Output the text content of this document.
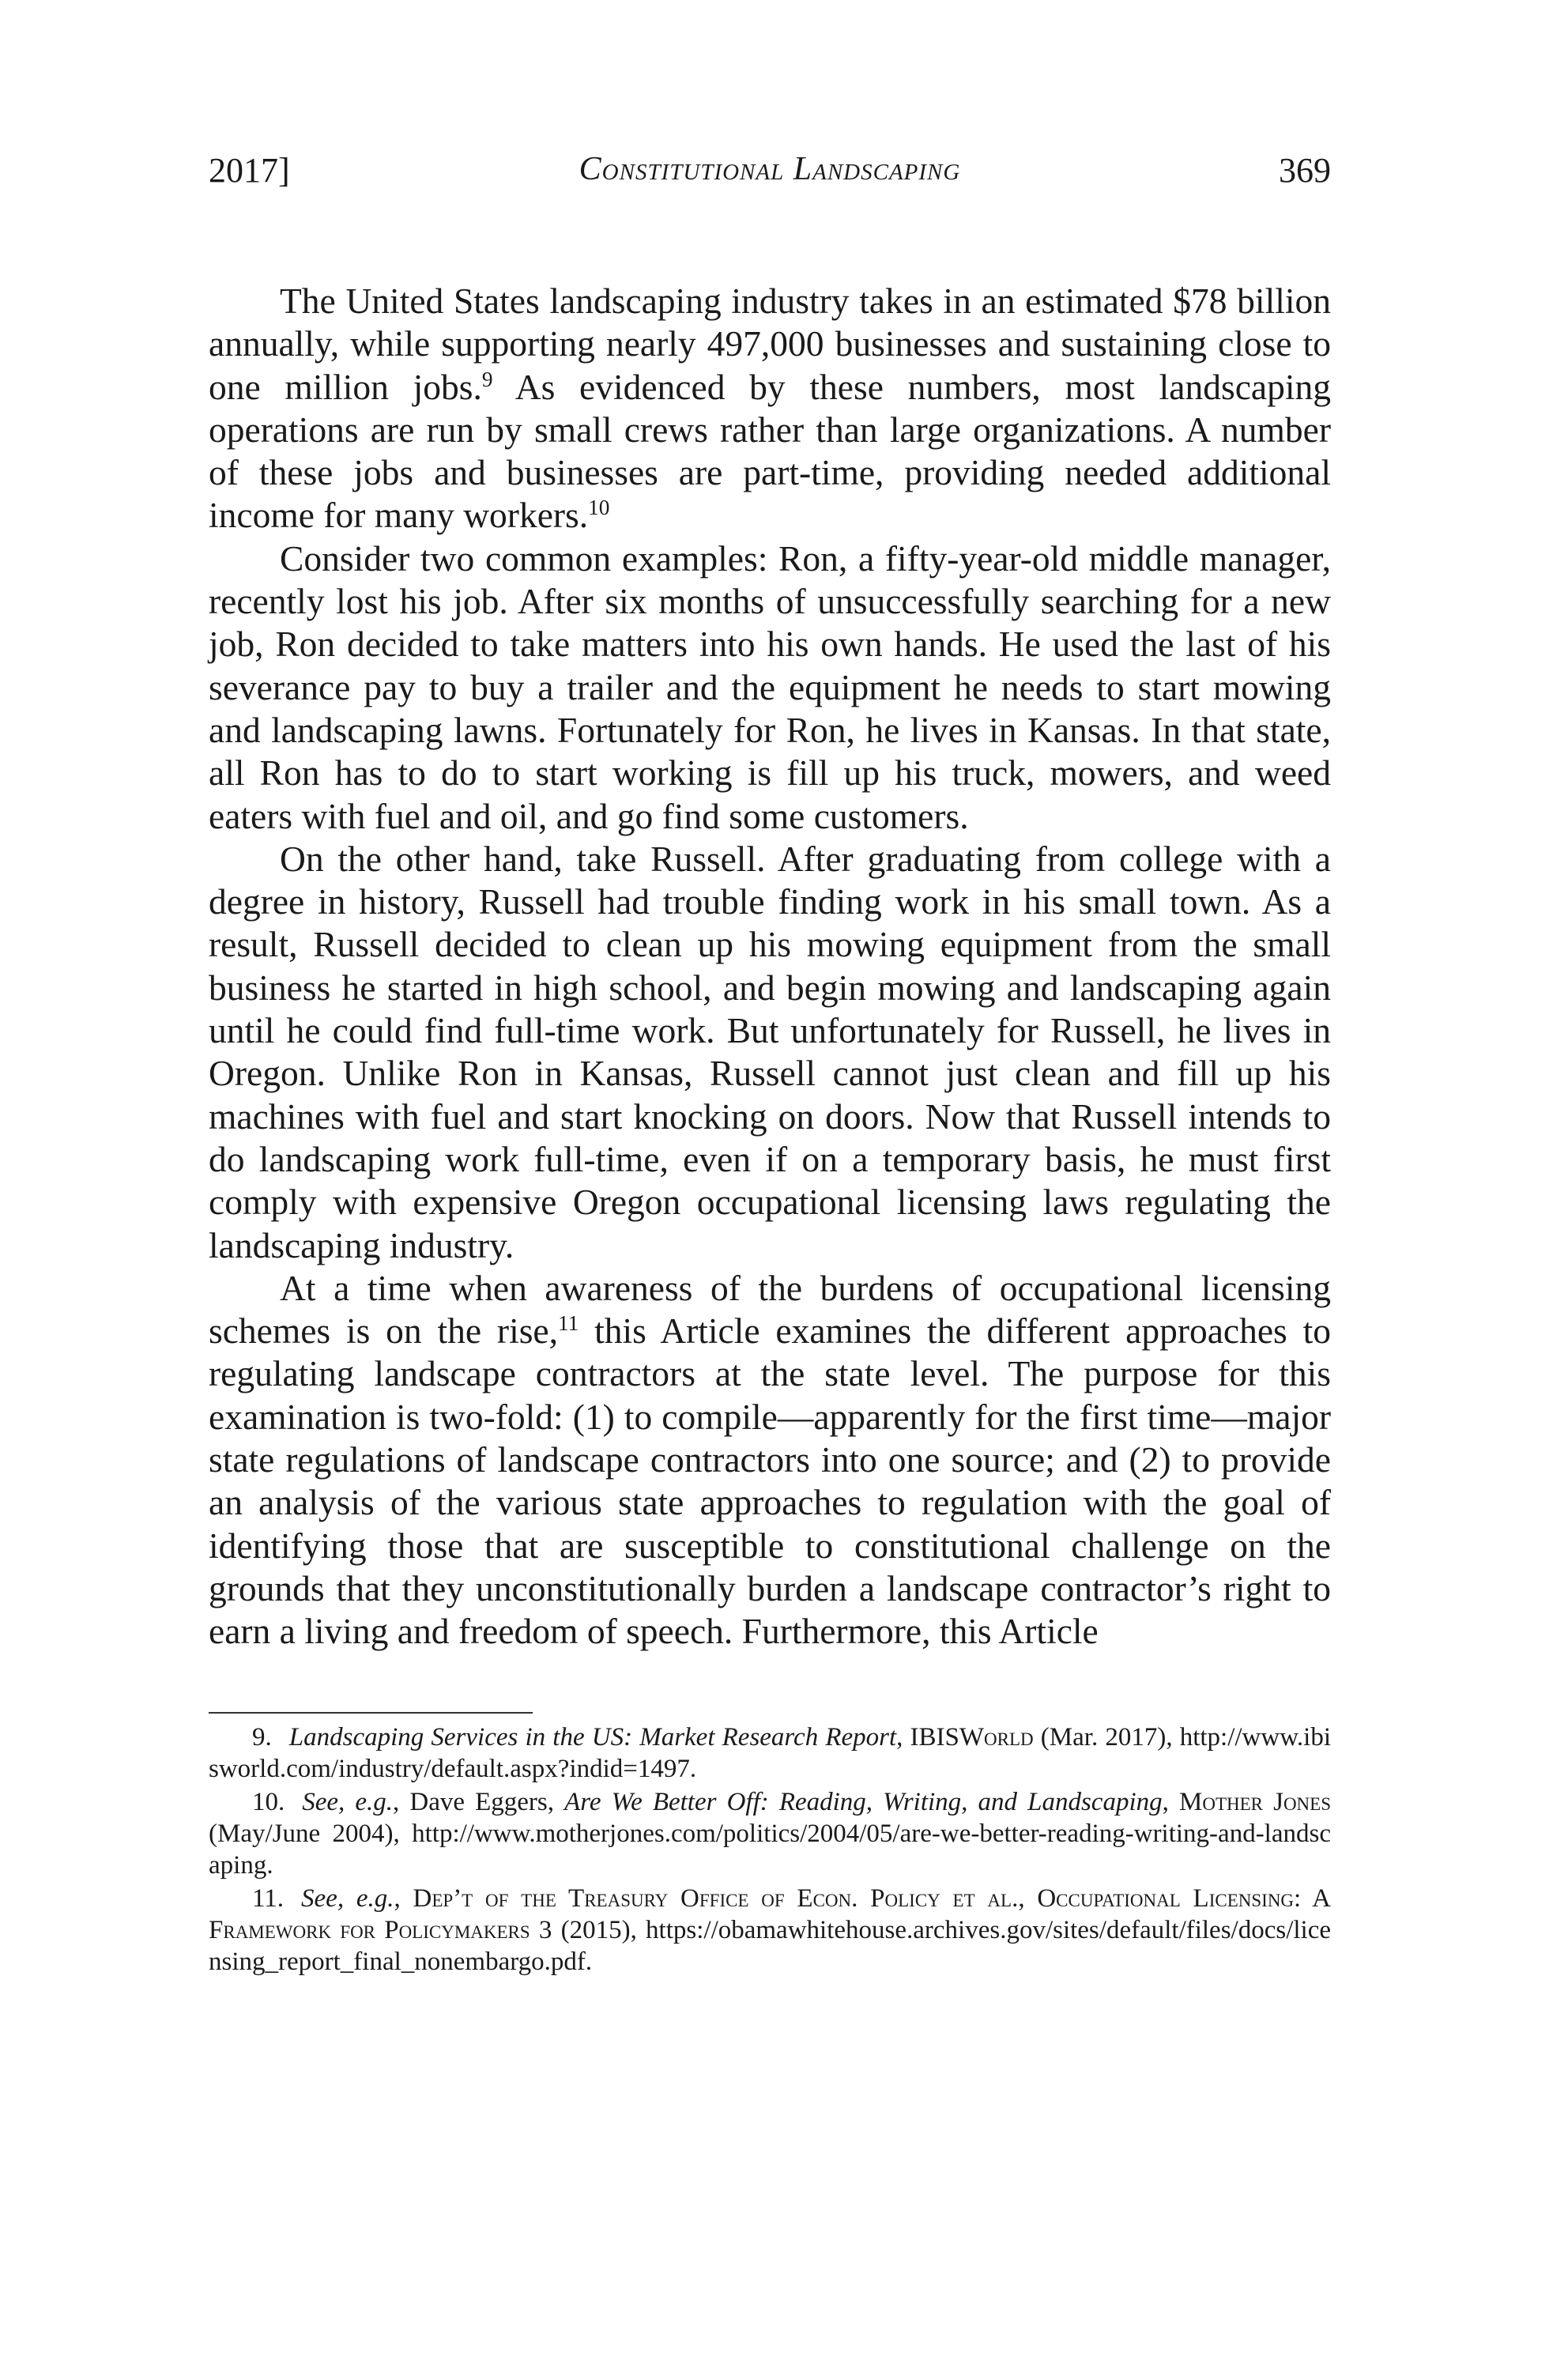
2017]	Constitutional Landscaping	369

The United States landscaping industry takes in an estimated $78 billion annually, while supporting nearly 497,000 businesses and sustaining close to one million jobs.$^9$ As evidenced by these numbers, most landscaping operations are run by small crews rather than large organizations. A number of these jobs and businesses are part-time, providing needed additional income for many workers.$^{10}$

Consider two common examples: Ron, a fifty-year-old middle manager, recently lost his job. After six months of unsuccessfully searching for a new job, Ron decided to take matters into his own hands. He used the last of his severance pay to buy a trailer and the equipment he needs to start mowing and landscaping lawns. Fortunately for Ron, he lives in Kansas. In that state, all Ron has to do to start working is fill up his truck, mowers, and weed eaters with fuel and oil, and go find some customers.

On the other hand, take Russell. After graduating from college with a degree in history, Russell had trouble finding work in his small town. As a result, Russell decided to clean up his mowing equipment from the small business he started in high school, and begin mowing and landscaping again until he could find full-time work. But unfortunately for Russell, he lives in Oregon. Unlike Ron in Kansas, Russell cannot just clean and fill up his machines with fuel and start knocking on doors. Now that Russell intends to do landscaping work full-time, even if on a temporary basis, he must first comply with expensive Oregon occupational licensing laws regulating the landscaping industry.

At a time when awareness of the burdens of occupational licensing schemes is on the rise,$^{11}$ this Article examines the different approaches to regulating landscape contractors at the state level. The purpose for this examination is two-fold: (1) to compile—apparently for the first time—major state regulations of landscape contractors into one source; and (2) to provide an analysis of the various state approaches to regulation with the goal of identifying those that are susceptible to constitutional challenge on the grounds that they unconstitutionally burden a landscape contractor’s right to earn a living and freedom of speech. Furthermore, this Article

9. Landscaping Services in the US: Market Research Report, IBISWorld (Mar. 2017), http://www.ibisworld.com/industry/default.aspx?indid=1497.

10. See, e.g., Dave Eggers, Are We Better Off: Reading, Writing, and Landscaping, Mother Jones (May/June 2004), http://www.motherjones.com/politics/2004/05/are-we-better-reading-writing-and-landscaping.

11. See, e.g., Dep’t of the Treasury Office of Econ. Policy et al., Occupational Licensing: A Framework for Policymakers 3 (2015), https://obamawhitehouse.archives.gov/sites/default/files/docs/licensing_report_final_nonembargo.pdf.
